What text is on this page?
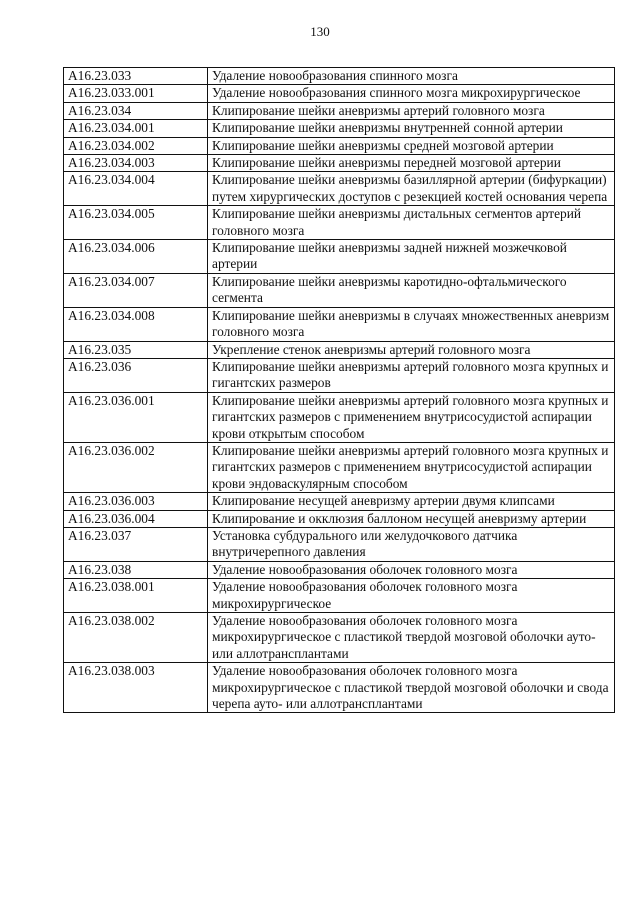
130
A16.23.033	Удаление новообразования спинного мозга
A16.23.033.001	Удаление новообразования спинного мозга микрохирургическое
A16.23.034	Клипирование шейки аневризмы артерий головного мозга
A16.23.034.001	Клипирование шейки аневризмы внутренней сонной артерии
A16.23.034.002	Клипирование шейки аневризмы средней мозговой артерии
A16.23.034.003	Клипирование шейки аневризмы передней мозговой артерии
A16.23.034.004	Клипирование шейки аневризмы базиллярной артерии (бифуркации) путем хирургических доступов с резекцией костей основания черепа
A16.23.034.005	Клипирование шейки аневризмы дистальных сегментов артерий головного мозга
A16.23.034.006	Клипирование шейки аневризмы задней нижней мозжечковой артерии
A16.23.034.007	Клипирование шейки аневризмы каротидно-офтальмического сегмента
A16.23.034.008	Клипирование шейки аневризмы в случаях множественных аневризм головного мозга
A16.23.035	Укрепление стенок аневризмы артерий головного мозга
A16.23.036	Клипирование шейки аневризмы артерий головного мозга крупных и гигантских размеров
A16.23.036.001	Клипирование шейки аневризмы артерий головного мозга крупных и гигантских размеров с применением внутрисосудистой аспирации крови открытым способом
A16.23.036.002	Клипирование шейки аневризмы артерий головного мозга крупных и гигантских размеров с применением внутрисосудистой аспирации крови эндоваскулярным способом
A16.23.036.003	Клипирование несущей аневризму артерии двумя клипсами
A16.23.036.004	Клипирование и окклюзия баллоном несущей аневризму артерии
A16.23.037	Установка субдурального или желудочкового датчика внутричерепного давления
A16.23.038	Удаление новообразования оболочек головного мозга
A16.23.038.001	Удаление новообразования оболочек головного мозга микрохирургическое
A16.23.038.002	Удаление новообразования оболочек головного мозга микрохирургическое с пластикой твердой мозговой оболочки ауто- или аллотрансплантами
A16.23.038.003	Удаление новообразования оболочек головного мозга микрохирургическое с пластикой твердой мозговой оболочки и свода черепа ауто- или аллотрансплантами
